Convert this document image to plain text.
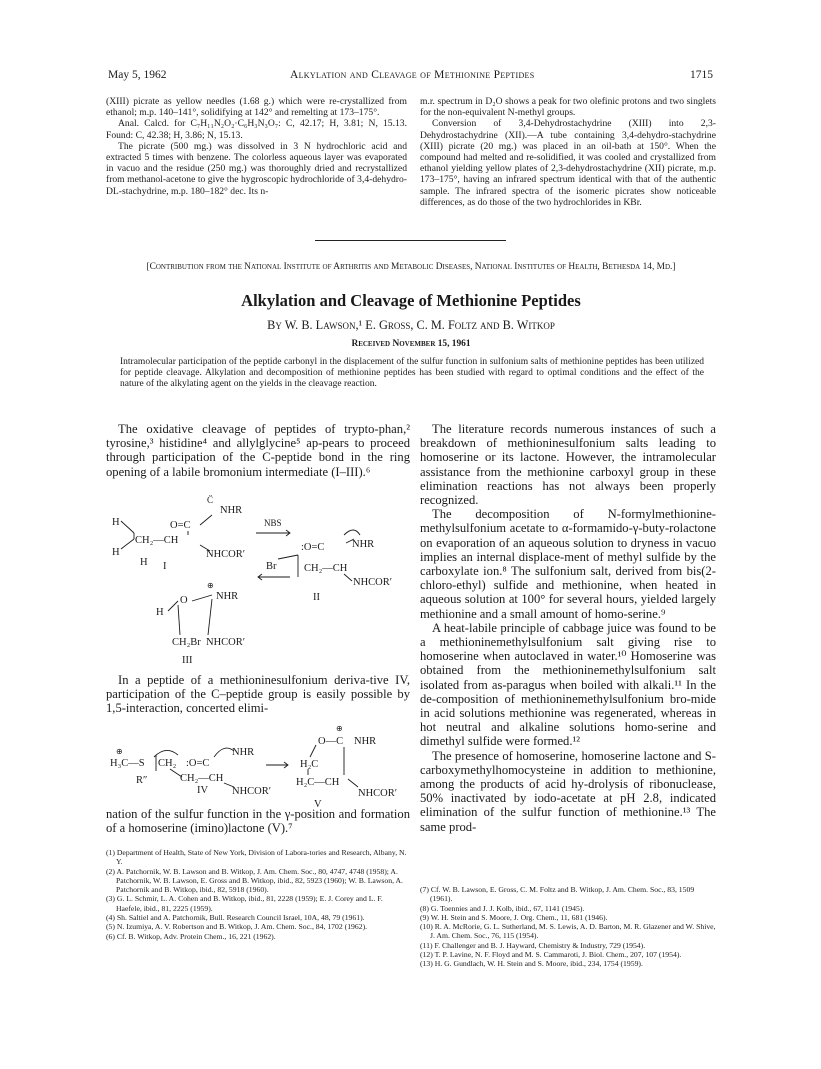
May 5, 1962	Alkylation and Cleavage of Methionine Peptides	1715

(XIII) picrate as yellow needles (1.68 g.) which were re-crystallized from ethanol; m.p. 140–141°, solidifying at 142° and remelting at 173–175°.

Anal. Calcd. for C₇H₁₁N₂O₂·C₆H₃N₃O₇: C, 42.17; H, 3.81; N, 15.13. Found: C, 42.38; H, 3.86; N, 15.13.

The picrate (500 mg.) was dissolved in 3 N hydrochloric acid and extracted 5 times with benzene. The colorless aqueous layer was evaporated in vacuo and the residue (250 mg.) was thoroughly dried and recrystallized from methanol-acetone to give the hygroscopic hydrochloride of 3,4-dehydro-DL-stachydrine, m.p. 180–182° dec. Its n-

m.r. spectrum in D₂O shows a peak for two olefinic protons and two singlets for the non-equivalent N-methyl groups.

Conversion of 3,4-Dehydrostachydrine (XIII) into 2,3-Dehydrostachydrine (XII).—A tube containing 3,4-dehydro-stachydrine (XIII) picrate (20 mg.) was placed in an oil-bath at 150°. When the compound had melted and re-solidified, it was cooled and crystallized from ethanol yielding yellow plates of 2,3-dehydrostachydrine (XII) picrate, m.p. 173–175°, having an infrared spectrum identical with that of the authentic sample. The infrared spectra of the isomeric picrates show noticeable differences, as do those of the two hydrochlorides in KBr.

[Contribution from the National Institute of Arthritis and Metabolic Diseases, National Institutes of Health, Bethesda 14, Md.]
Alkylation and Cleavage of Methionine Peptides
By W. B. Lawson,¹ E. Gross, C. M. Foltz and B. Witkop
Received November 15, 1961
Intramolecular participation of the peptide carbonyl in the displacement of the sulfur function in sulfonium salts of methionine peptides has been utilized for peptide cleavage. Alkylation and decomposition of methionine peptides has been studied with regard to optimal conditions and the effect of the nature of the alkylating agent on the yields in the cleavage reaction.

The oxidative cleavage of peptides of trypto-phan,² tyrosine,³ histidine⁴ and allylglycine⁵ ap-pears to proceed through participation of the C-peptide bond in the ring opening of a labile bromonium intermediate (I–III).⁶

NHR
C̈
H	O=C
CH₂—CH
NHCOR′
H
H I
NBS
Br
:O=C	NHR
CH₂—CH
NHCOR′
II
H
O	NHR
⊕
CH₂Br NHCOR′
III

In a peptide of a methioninesulfonium deriva-tive IV, participation of the C–peptide group is easily possible by 1,5-interaction, concerted elimi-

⊕
H₃C—S CH₂
R″
:O=C
NHR
CH₂—CH
NHCOR′
IV
⊕
O—C NHR
H₂C
H₂C—CH
NHCOR′
V

nation of the sulfur function in the γ-position and formation of a homoserine (imino)lactone (V).⁷

The literature records numerous instances of such a breakdown of methioninesulfonium salts leading to homoserine or its lactone. However, the intramolecular assistance from the methionine carboxyl group in these elimination reactions has not always been properly recognized.

The decomposition of N-formylmethionine-methylsulfonium acetate to α-formamido-γ-buty-rolactone on evaporation of an aqueous solution to dryness in vacuo implies an internal displace-ment of methyl sulfide by the carboxylate ion.⁸ The sulfonium salt, derived from bis(2-chloro-ethyl) sulfide and methionine, when heated in aqueous solution at 100° for several hours, yielded largely methionine and a small amount of homo-serine.⁹

A heat-labile principle of cabbage juice was found to be a methioninemethylsulfonium salt giving rise to homoserine when autoclaved in water.¹⁰ Homoserine was obtained from the methioninemethylsulfonium salt isolated from as-paragus when boiled with alkali.¹¹ In the de-composition of methioninemethylsulfonium bro-mide in acid solutions methionine was regenerated, whereas in hot neutral and alkaline solutions homo-serine and dimethyl sulfide were formed.¹²

The presence of homoserine, homoserine lactone and S-carboxymethylhomocysteine in addition to methionine, among the products of acid hy-drolysis of ribonuclease, 50% inactivated by iodo-acetate at pH 2.8, indicated elimination of the sulfur function of methionine.¹³ The same prod-

(1) Department of Health, State of New York, Division of Labora-tories and Research, Albany, N. Y.

(2) A. Patchornik, W. B. Lawson and B. Witkop, J. Am. Chem. Soc., 80, 4747, 4748 (1958); A. Patchornik, W. B. Lawson, E. Gross and B. Witkop, ibid., 82, 5923 (1960); W. B. Lawson, A. Patchornik and B. Witkop, ibid., 82, 5918 (1960).

(3) G. L. Schmir, L. A. Cohen and B. Witkop, ibid., 81, 2228 (1959); E. J. Corey and L. F. Haefele, ibid., 81, 2225 (1959).

(4) Sh. Saltiel and A. Patchornik, Bull. Research Council Israel, 10A, 48, 79 (1961).

(5) N. Izumiya, A. V. Robertson and B. Witkop, J. Am. Chem. Soc., 84, 1702 (1962).

(6) Cf. B. Witkop, Adv. Protein Chem., 16, 221 (1962).

(7) Cf. W. B. Lawson, E. Gross, C. M. Foltz and B. Witkop, J. Am. Chem. Soc., 83, 1509 (1961).

(8) G. Toennies and J. J. Kolb, ibid., 67, 1141 (1945).

(9) W. H. Stein and S. Moore, J. Org. Chem., 11, 681 (1946).

(10) R. A. McRorie, G. L. Sutherland, M. S. Lewis, A. D. Barton, M. R. Glazener and W. Shive, J. Am. Chem. Soc., 76, 115 (1954).

(11) F. Challenger and B. J. Hayward, Chemistry & Industry, 729 (1954).

(12) T. P. Lavine, N. F. Floyd and M. S. Cammaroti, J. Biol. Chem., 207, 107 (1954).

(13) H. G. Gundlach, W. H. Stein and S. Moore, ibid., 234, 1754 (1959).
